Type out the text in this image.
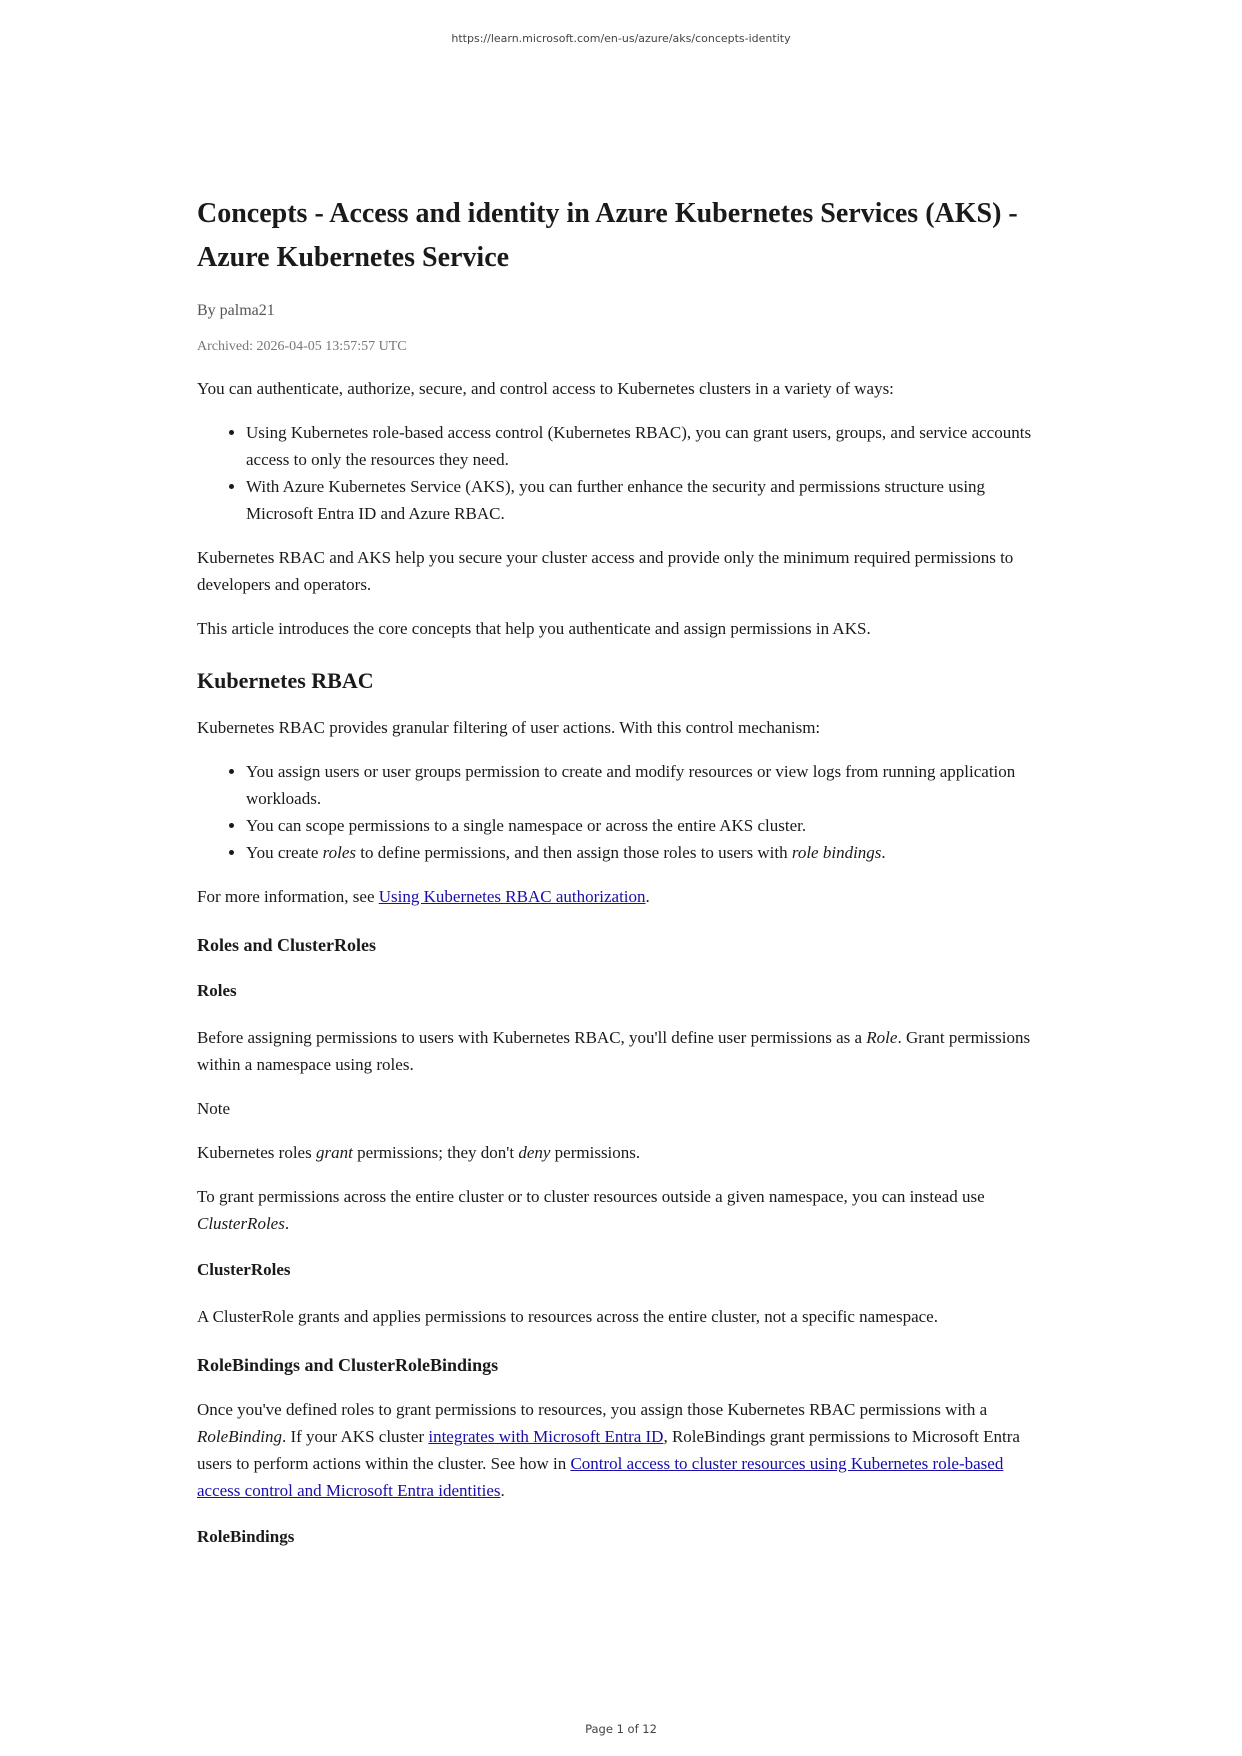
https://learn.microsoft.com/en-us/azure/aks/concepts-identity
Concepts - Access and identity in Azure Kubernetes Services (AKS) - Azure Kubernetes Service
By palma21
Archived: 2026-04-05 13:57:57 UTC

You can authenticate, authorize, secure, and control access to Kubernetes clusters in a variety of ways:

• Using Kubernetes role-based access control (Kubernetes RBAC), you can grant users, groups, and service accounts access to only the resources they need.
• With Azure Kubernetes Service (AKS), you can further enhance the security and permissions structure using Microsoft Entra ID and Azure RBAC.

Kubernetes RBAC and AKS help you secure your cluster access and provide only the minimum required permissions to developers and operators.

This article introduces the core concepts that help you authenticate and assign permissions in AKS.

Kubernetes RBAC

Kubernetes RBAC provides granular filtering of user actions. With this control mechanism:

• You assign users or user groups permission to create and modify resources or view logs from running application workloads.
• You can scope permissions to a single namespace or across the entire AKS cluster.
• You create roles to define permissions, and then assign those roles to users with role bindings.

For more information, see Using Kubernetes RBAC authorization.

Roles and ClusterRoles
Roles

Before assigning permissions to users with Kubernetes RBAC, you'll define user permissions as a Role. Grant permissions within a namespace using roles.

Note

Kubernetes roles grant permissions; they don't deny permissions.

To grant permissions across the entire cluster or to cluster resources outside a given namespace, you can instead use ClusterRoles.

ClusterRoles

A ClusterRole grants and applies permissions to resources across the entire cluster, not a specific namespace.

RoleBindings and ClusterRoleBindings

Once you've defined roles to grant permissions to resources, you assign those Kubernetes RBAC permissions with a RoleBinding. If your AKS cluster integrates with Microsoft Entra ID, RoleBindings grant permissions to Microsoft Entra users to perform actions within the cluster. See how in Control access to cluster resources using Kubernetes role-based access control and Microsoft Entra identities.

RoleBindings
Page 1 of 12
